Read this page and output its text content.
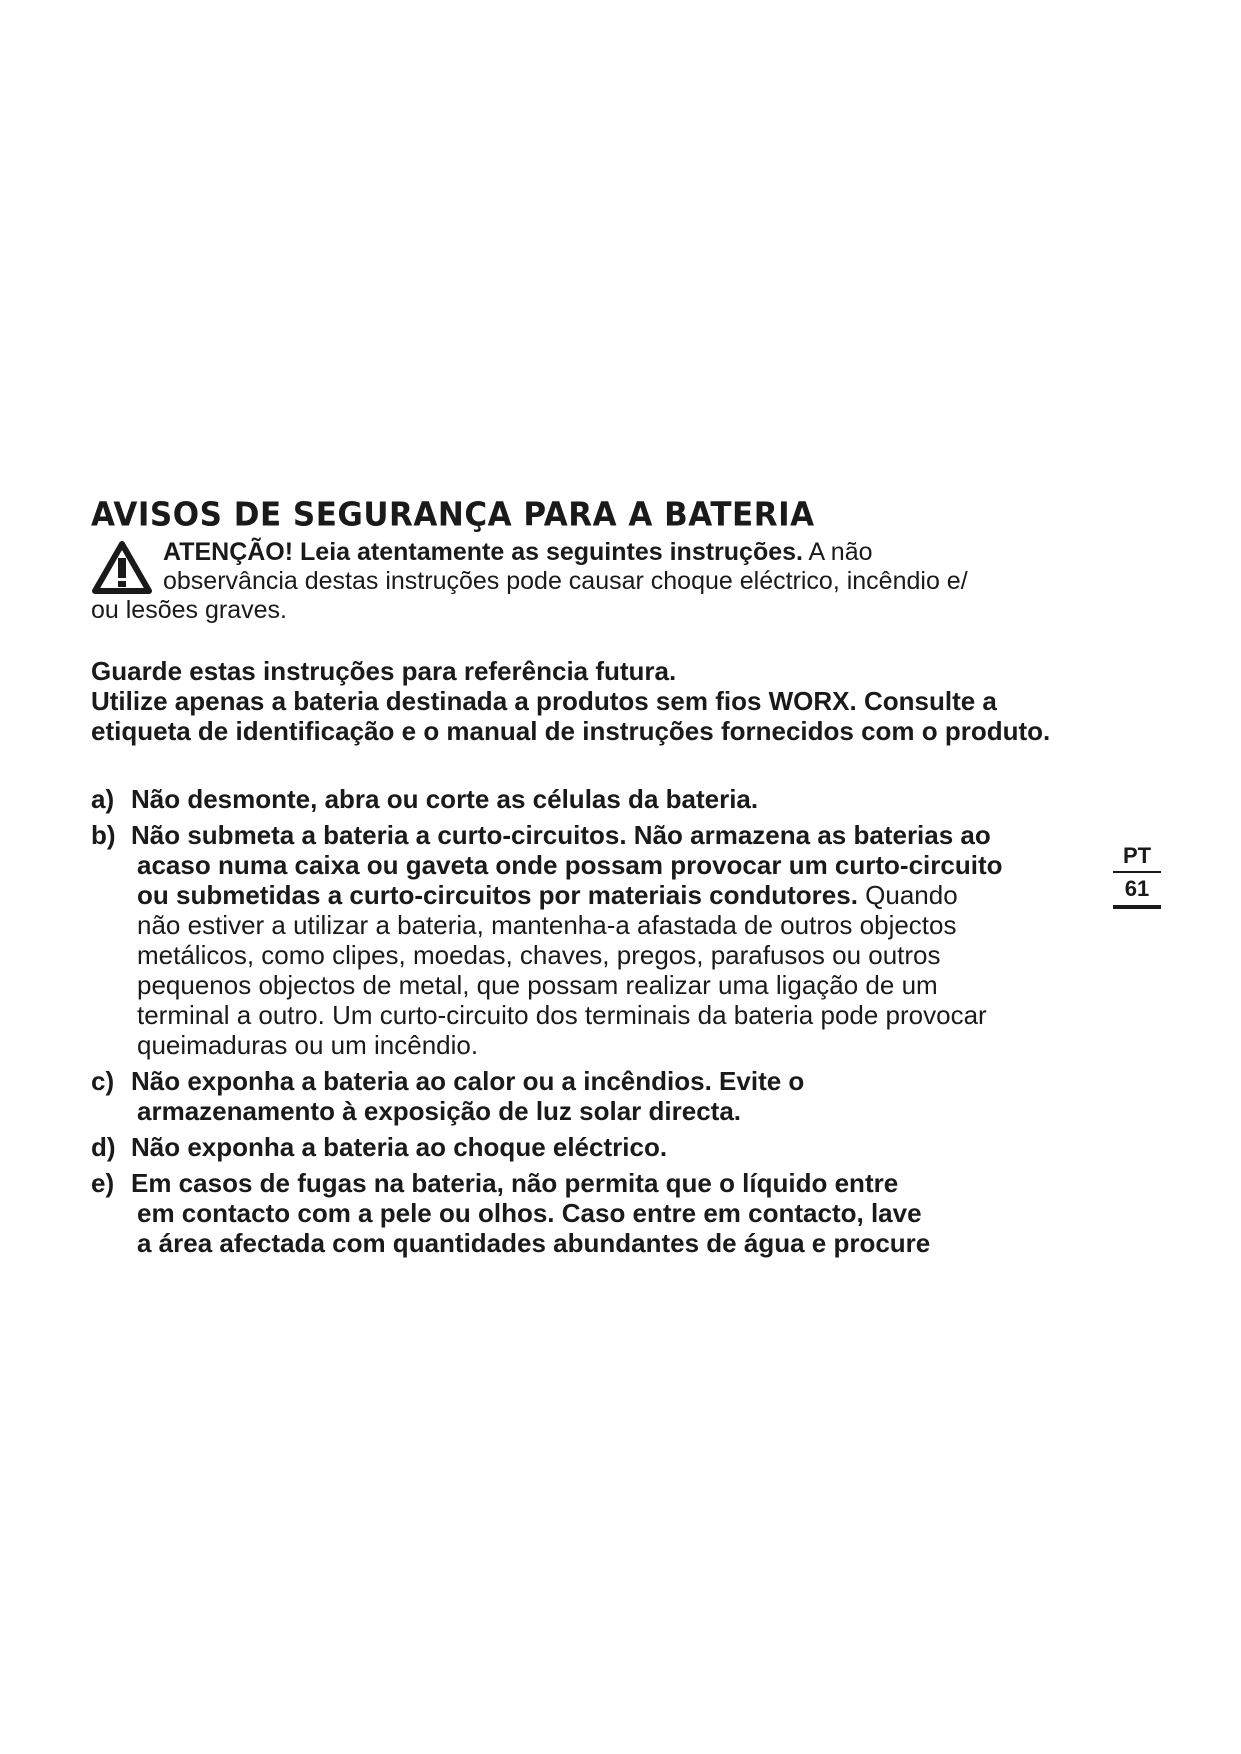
AVISOS DE SEGURANÇA PARA A BATERIA
ATENÇÃO! Leia atentamente as seguintes instruções. A não
observância destas instruções pode causar choque eléctrico, incêndio e/
ou lesões graves.
Guarde estas instruções para referência futura.
Utilize apenas a bateria destinada a produtos sem fios WORX. Consulte a
etiqueta de identificação e o manual de instruções fornecidos com o produto.
a) Não desmonte, abra ou corte as células da bateria.
b) Não submeta a bateria a curto-circuitos. Não armazena as baterias ao
acaso numa caixa ou gaveta onde possam provocar um curto-circuito
ou submetidas a curto-circuitos por materiais condutores. Quando
não estiver a utilizar a bateria, mantenha-a afastada de outros objectos
metálicos, como clipes, moedas, chaves, pregos, parafusos ou outros
pequenos objectos de metal, que possam realizar uma ligação de um
terminal a outro. Um curto-circuito dos terminais da bateria pode provocar
queimaduras ou um incêndio.
c) Não exponha a bateria ao calor ou a incêndios. Evite o
armazenamento à exposição de luz solar directa.
d) Não exponha a bateria ao choque eléctrico.
e) Em casos de fugas na bateria, não permita que o líquido entre
em contacto com a pele ou olhos. Caso entre em contacto, lave
a área afectada com quantidades abundantes de água e procure
PT
61
